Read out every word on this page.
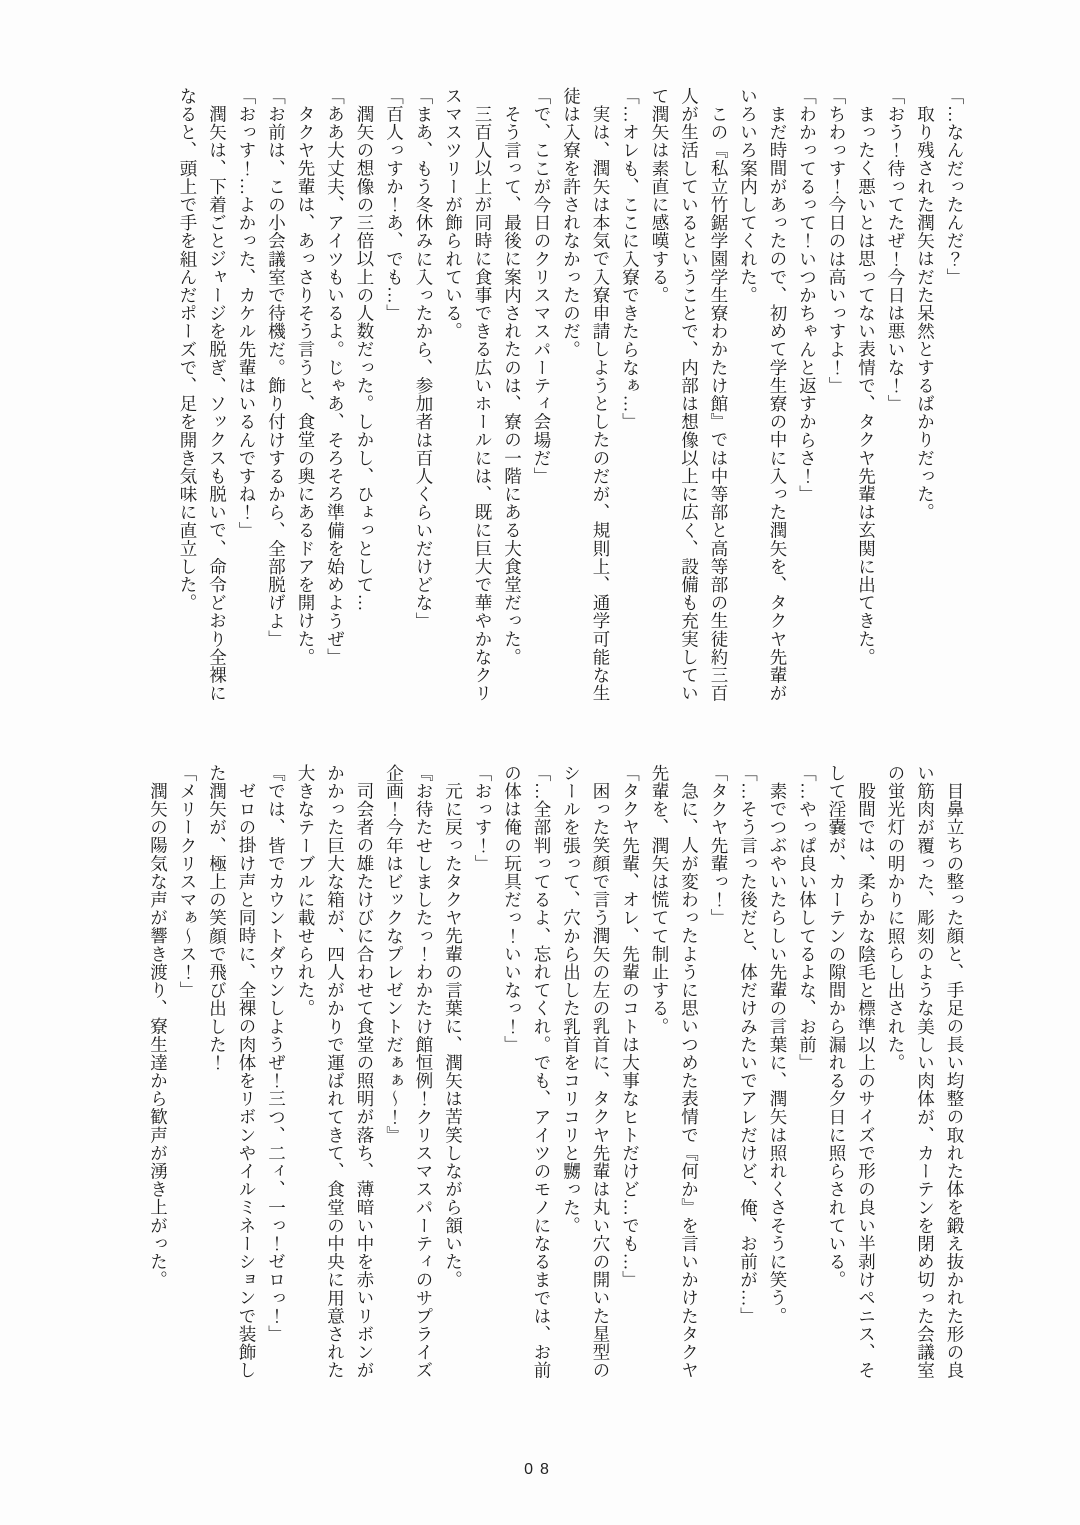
「…なんだったんだ？」

取り残された潤矢はだた呆然とするばかりだった。

「おう！待ってたぜ！今日は悪いな！」

まったく悪いとは思ってない表情で、タクヤ先輩は玄関に出てきた。

「ちわっす！今日のは高いっすよ！」

「わかってるって！いつかちゃんと返すからさ！」

まだ時間があったので、初めて学生寮の中に入った潤矢を、タクヤ先輩が

いろいろ案内してくれた。

この『私立竹鋸学園学生寮わかたけ館』では中等部と高等部の生徒約三百

人が生活しているということで、内部は想像以上に広く、設備も充実してい

て潤矢は素直に感嘆する。

「…オレも、ここに入寮できたらなぁ…」

実は、潤矢は本気で入寮申請しようとしたのだが、規則上、通学可能な生

徒は入寮を許されなかったのだ。

「で、ここが今日のクリスマスパーティ会場だ」

そう言って、最後に案内されたのは、寮の一階にある大食堂だった。

三百人以上が同時に食事できる広いホールには、既に巨大で華やかなクリ

スマスツリーが飾られている。

「まあ、もう冬休みに入ったから、参加者は百人くらいだけどな」

「百人っすか！あ、でも…」

潤矢の想像の三倍以上の人数だった。しかし、ひょっとして…

「ああ大丈夫、アイツもいるよ。じゃあ、そろそろ準備を始めようぜ」

タクヤ先輩は、あっさりそう言うと、食堂の奥にあるドアを開けた。

「お前は、この小会議室で待機だ。飾り付けするから、全部脱げよ」

「おっす！…よかった、カケル先輩はいるんですね！」

潤矢は、下着ごとジャージを脱ぎ、ソックスも脱いで、命令どおり全裸に

なると、頭上で手を組んだポーズで、足を開き気味に直立した。

目鼻立ちの整った顔と、手足の長い均整の取れた体を鍛え抜かれた形の良

い筋肉が覆った、彫刻のような美しい肉体が、カーテンを閉め切った会議室

の蛍光灯の明かりに照らし出された。

股間では、柔らかな陰毛と標準以上のサイズで形の良い半剥けペニス、そ

して淫嚢が、カーテンの隙間から漏れる夕日に照らされている。

「…やっぱ良い体してるよな、お前」

素でつぶやいたらしい先輩の言葉に、潤矢は照れくさそうに笑う。

「…そう言った後だと、体だけみたいでアレだけど、俺、お前が…」

「タクヤ先輩っ！」

急に、人が変わったように思いつめた表情で『何か』を言いかけたタクヤ

先輩を、潤矢は慌てて制止する。

「タクヤ先輩、オレ、先輩のコトは大事なヒトだけど…でも…」

困った笑顔で言う潤矢の左の乳首に、タクヤ先輩は丸い穴の開いた星型の

シールを張って、穴から出した乳首をコリコリと嬲った。

「…全部判ってるよ、忘れてくれ。でも、アイツのモノになるまでは、お前

の体は俺の玩具だっ！いいなっ！」

「おっす！」

元に戻ったタクヤ先輩の言葉に、潤矢は苦笑しながら頷いた。

『お待たせしましたっ！わかたけ館恒例！クリスマスパーティのサプライズ

企画！今年はビックなプレゼントだぁぁ〜！』

司会者の雄たけびに合わせて食堂の照明が落ち、薄暗い中を赤いリボンが

かかった巨大な箱が、四人がかりで運ばれてきて、食堂の中央に用意された

大きなテーブルに載せられた。

『では、皆でカウントダウンしようぜ！三つ、二ィ、一っ！ゼロっ！」

ゼロの掛け声と同時に、全裸の肉体をリボンやイルミネーションで装飾し

た潤矢が、極上の笑顔で飛び出した！

「メリークリスマぁ〜ス！」

潤矢の陽気な声が響き渡り、寮生達から歓声が湧き上がった。

08
